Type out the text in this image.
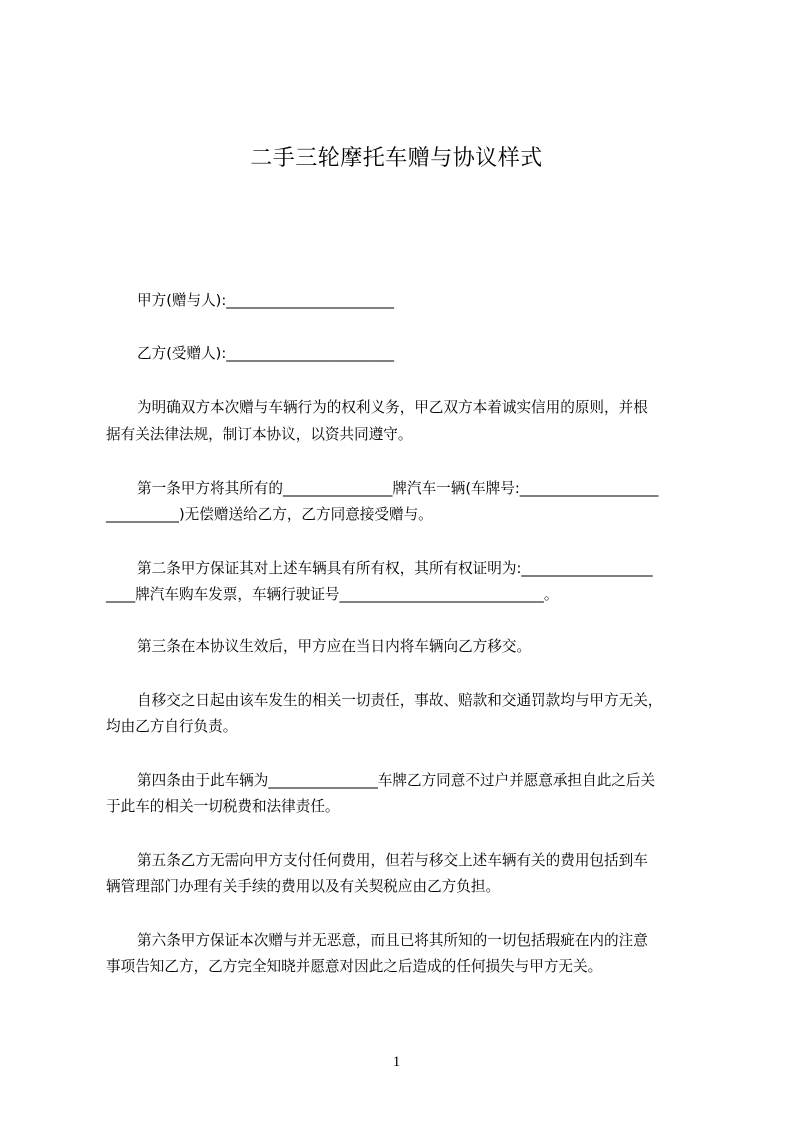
二手三轮摩托车赠与协议样式
甲方(赠与人):_______________________
乙方(受赠人):_______________________
为明确双方本次赠与车辆行为的权利义务，甲乙双方本着诚实信用的原则，并根
据有关法律法规，制订本协议，以资共同遵守。
第一条甲方将其所有的_______________牌汽车一辆(车牌号:___________________
__________)无偿赠送给乙方，乙方同意接受赠与。
第二条甲方保证其对上述车辆具有所有权，其所有权证明为:__________________
____牌汽车购车发票，车辆行驶证号____________________________。
第三条在本协议生效后，甲方应在当日内将车辆向乙方移交。
自移交之日起由该车发生的相关一切责任，事故、赔款和交通罚款均与甲方无关，
均由乙方自行负责。
第四条由于此车辆为_______________车牌乙方同意不过户并愿意承担自此之后关
于此车的相关一切税费和法律责任。
第五条乙方无需向甲方支付任何费用，但若与移交上述车辆有关的费用包括到车
辆管理部门办理有关手续的费用以及有关契税应由乙方负担。
第六条甲方保证本次赠与并无恶意，而且已将其所知的一切包括瑕疵在内的注意
事项告知乙方，乙方完全知晓并愿意对因此之后造成的任何损失与甲方无关。
1
